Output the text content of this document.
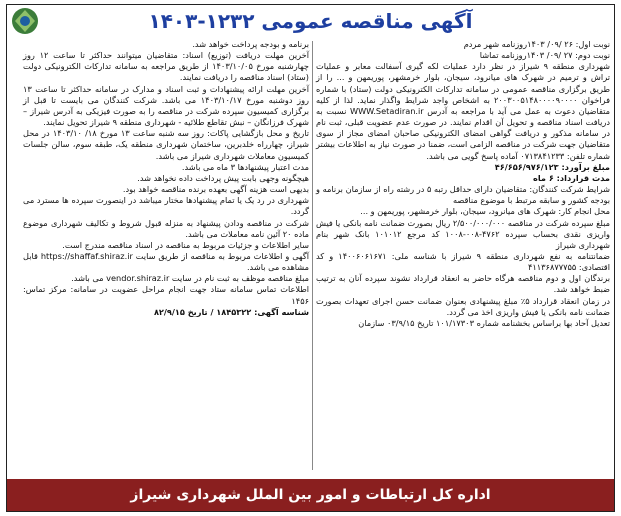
آگهی مناقصه عمومی ۱۲۳۲-۱۴۰۳

نوبت اول: ۲۶ /۰۹/ ۱۴۰۳روزنامه شهر مردم

نوبت دوم: ۲۷ /۰۹/ ۱۴۰۳روزنامه تماشا

شهرداری منطقه ۹ شیراز در نظر دارد عملیات لکه گیری آسفالت معابر و عملیات تراش و ترمیم در شهرک های میانرود، سیجان، بلوار خرمشهر، پوریمهن و ... را از طریق برگزاری مناقصه عمومی در سامانه تدارکات الکترونیکی دولت (ستاد) با شماره فراخوان ۲۰۰۳۰۰۵۱۴۸۰۰۰۰۹۰۰۰۰ به اشخاص واجد شرایط واگذار نماید. لذا از کلیه متقاضیان دعوت به عمل می آید با مراجعه به آدرس WWW.Setadiran.ir نسبت به دریافت اسناد مناقصه و تحویل آن اقدام نمایند. در صورت عدم عضویت قبلی، ثبت نام در سامانه مذکور و دریافت گواهی امضای الکترونیکی صاحبان امضای مجاز از سوی متقاضیان جهت شرکت در مناقصه الزامی است، ضمنا در صورت نیاز به اطلاعات بیشتر شماره تلفن: ۰۷۱۳۸۴۱۲۳۳ آماده پاسخ گویی می باشد.

مبلغ برآورد: ۴۶/۶۵۶/۹۷۶/۱۲۳

مدت قرارداد: ۶ ماه

شرایط شرکت کنندگان: متقاضیان دارای حداقل رتبه ۵ در رشته راه از سازمان برنامه و بودجه کشور و سابقه مرتبط با موضوع مناقصه

محل انجام کار: شهرک های میانرود، سیجان، بلوار خرمشهر، پوریمهن و ...

مبلغ سپرده شرکت در مناقصه ۲/۵۰۰/۰۰۰/۰۰۰ ریال بصورت ضمانت نامه بانکی یا فیش واریزی نقدی بحساب سپرده ۴۷۶۲-۰۰۸-۱۰۰۸ کد مرجع ۱۰۱۰۱۲ بانک شهر بنام شهرداری شیراز

ضمانتنامه به نفع شهرداری منطقه ۹ شیراز با شناسه ملی: ۱۴۰۰۶۰۶۱۶۷۱ و کد اقتصادی: ۴۱۱۳۶۸۷۷۷۵۵

برندگان اول و دوم مناقصه هرگاه حاضر به انعقاد قرارداد نشوند سپرده آنان به ترتیب ضبط خواهد شد.

در زمان انعقاد قرارداد ۵٪ مبلغ پیشنهادی بعنوان ضمانت حسن اجرای تعهدات بصورت ضمانت نامه بانکی یا فیش واریزی اخذ می گردد.

تعدیل آحاد بها براساس بخشنامه شماره ۱۰۱/۱۷۳۰۳ تاریخ ۰۳/۹/۱۵ سازمان

برنامه و بودجه پرداخت خواهد شد.

آخرین مهلت دریافت (توزیع) اسناد: متقاضیان میتوانند حداکثر تا ساعت ۱۲ روز چهارشنبه مورخ ۱۴۰۳/۱۰/۰۵ از طریق مراجعه به سامانه تدارکات الکترونیکی دولت (ستاد) اسناد مناقصه را دریافت نمایند.

آخرین مهلت ارائه پیشنهادات و ثبت اسناد و مدارک در سامانه حداکثر تا ساعت ۱۳ روز دوشنبه مورخ ۱۴۰۳/۱۰/۱۷ می باشد. شرکت کنندگان می بایست تا قبل از برگزاری کمیسیون سپرده شرکت در مناقصه را به صورت فیزیکی به آدرس شیراز – شهرک فرزانگان – نبش تقاطع طلائیه - شهرداری منطقه ۹ شیراز تحویل نمایند.

تاریخ و محل بازگشایی پاکات: روز سه شنبه ساعت ۱۳ مورخ ۱۸/ ۱۴۰۳/۱۰ در محل شیراز، چهارراه خلدبرین، ساختمان شهرداری منطقه یک، طبقه سوم، سالن جلسات کمیسیون معاملات شهرداری شیراز می باشد.

مدت اعتبار پیشنهادها ۳ ماه می باشد.

هیچگونه وجهی بابت پیش پرداخت داده نخواهد شد.

بدیهی است هزینه آگهی بعهده برنده مناقصه خواهد بود.

شهرداری در رد یک یا تمام پیشنهادها مختار میباشد در اینصورت سپرده ها مسترد می گردد.

شرکت در مناقصه ودادن پیشنهاد به منزله قبول شروط و تکالیف شهرداری موضوع ماده ۲۰ آئین نامه معاملات می باشد.

سایر اطلاعات و جزئیات مربوط به مناقصه در اسناد مناقصه مندرج است.

آگهی و اطلاعات مربوط به مناقصه از طریق سایت https://shaffaf.shiraz.ir قابل مشاهده می باشد.

مبلغ مناقصه موظف به ثبت نام در سایت vendor.shiraz.ir می باشد.

اطلاعات تماس سامانه ستاد جهت انجام مراحل عضویت در سامانه: مرکز تماس: ۱۴۵۶

شناسه آگهی: ۱۸۴۵۳۲۲ / تاریخ ۸۲/۹/۱۵

اداره کل ارتباطات و امور بین الملل شهرداری شیراز
